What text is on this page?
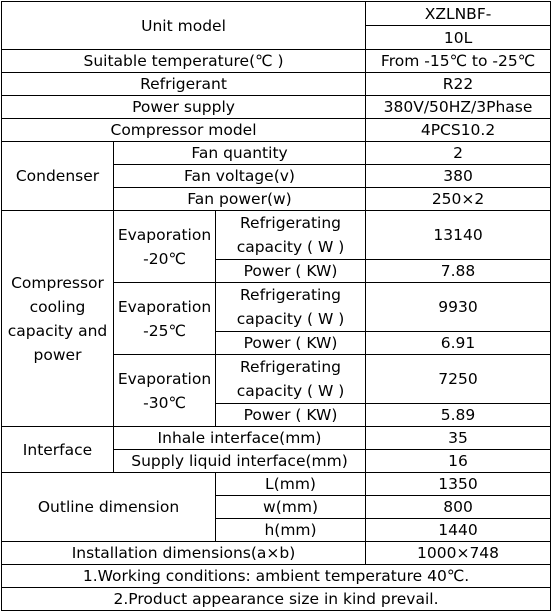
Unit model			XZLNBF-
			10L
Suitable temperature(℃ )			From -15℃ to -25℃
Refrigerant			R22
Power supply			380V/50HZ/3Phase
Compressor model			4PCS10.2
Condenser	Fan quantity		2
	Fan voltage(v)		380
	Fan power(w)		250×2
Compressor cooling capacity and power	Evaporation -20℃	Refrigerating capacity ( W )	13140
		Power ( KW)	7.88
	Evaporation -25℃	Refrigerating capacity ( W )	9930
		Power ( KW)	6.91
	Evaporation -30℃	Refrigerating capacity ( W )	7250
		Power ( KW)	5.89
Interface	Inhale interface(mm)		35
	Supply liquid interface(mm)		16
Outline dimension		L(mm)	1350
		w(mm)	800
		h(mm)	1440
Installation dimensions(a×b)			1000×748
1.Working conditions: ambient temperature 40℃.			
2.Product appearance size in kind prevail.			
